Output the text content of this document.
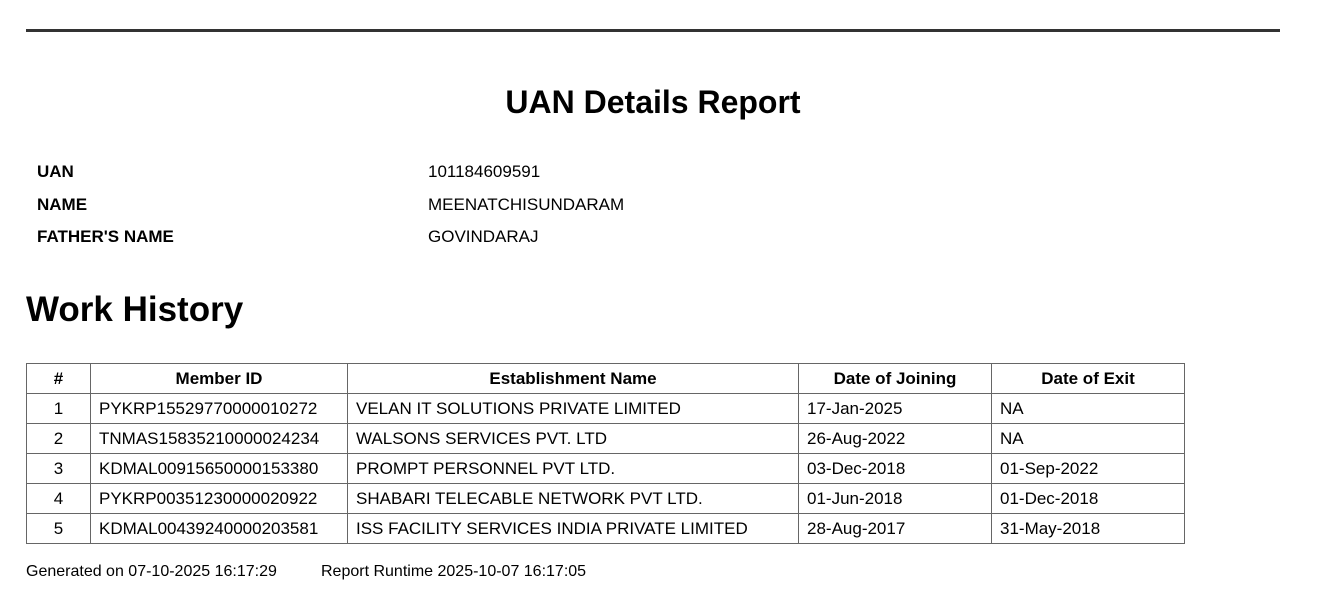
UAN Details Report
UAN	101184609591
NAME	MEENATCHISUNDARAM
FATHER'S NAME	GOVINDARAJ
Work History
#	Member ID	Establishment Name	Date of Joining	Date of Exit
1	PYKRP15529770000010272	VELAN IT SOLUTIONS PRIVATE LIMITED	17-Jan-2025	NA
2	TNMAS15835210000024234	WALSONS SERVICES PVT. LTD	26-Aug-2022	NA
3	KDMAL00915650000153380	PROMPT PERSONNEL PVT LTD.	03-Dec-2018	01-Sep-2022
4	PYKRP00351230000020922	SHABARI TELECABLE NETWORK PVT LTD.	01-Jun-2018	01-Dec-2018
5	KDMAL00439240000203581	ISS FACILITY SERVICES INDIA PRIVATE LIMITED	28-Aug-2017	31-May-2018
Generated on 07-10-2025 16:17:29	Report Runtime 2025-10-07 16:17:05
